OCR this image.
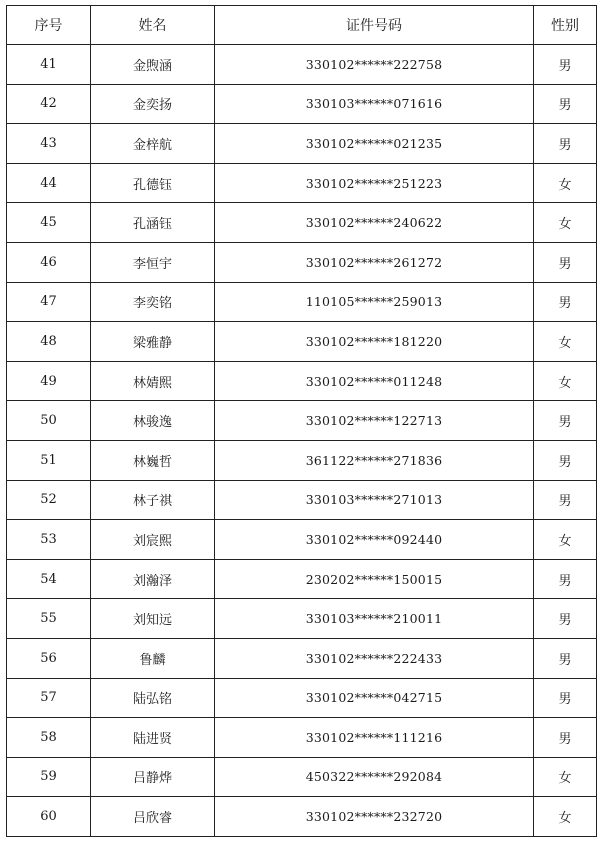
序号	姓名	证件号码	性别
41	金煦涵	330102******222758	男
42	金奕扬	330103******071616	男
43	金梓航	330102******021235	男
44	孔德钰	330102******251223	女
45	孔涵钰	330102******240622	女
46	李恒宇	330102******261272	男
47	李奕铭	110105******259013	男
48	梁雅静	330102******181220	女
49	林婧熙	330102******011248	女
50	林骏逸	330102******122713	男
51	林巍哲	361122******271836	男
52	林子祺	330103******271013	男
53	刘宸熙	330102******092440	女
54	刘瀚泽	230202******150015	男
55	刘知远	330103******210011	男
56	鲁麟	330102******222433	男
57	陆弘铭	330102******042715	男
58	陆进贤	330102******111216	男
59	吕静烨	450322******292084	女
60	吕欣睿	330102******232720	女
